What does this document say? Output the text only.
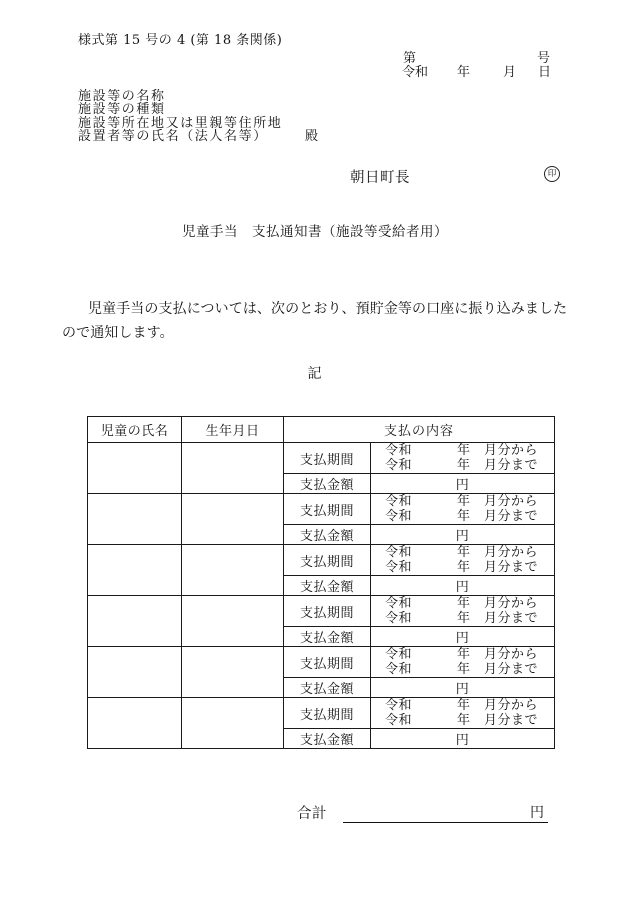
様式第 15 号の 4 (第 18 条関係)
第	号
令和 年	月 日
施設等の名称
施設等の種類
施設等所在地又は里親等住所地
設置者等の氏名（法人名等）	殿
朝日町長	印
児童手当　支払通知書（施設等受給者用）
児童手当の支払については、次のとおり、預貯金等の口座に振り込みました
ので通知します。
記
児童の氏名	生年月日	支払の内容	
		支払期間	
令和	年	月分から
令和	年	月分まで

		支払金額	円
		支払期間	
令和	年	月分から
令和	年	月分まで

		支払金額	円
		支払期間	
令和	年	月分から
令和	年	月分まで

		支払金額	円
		支払期間	
令和	年	月分から
令和	年	月分まで

		支払金額	円
		支払期間	
令和	年	月分から
令和	年	月分まで

		支払金額	円
		支払期間	
令和	年	月分から
令和	年	月分まで

		支払金額	円
合計	円
